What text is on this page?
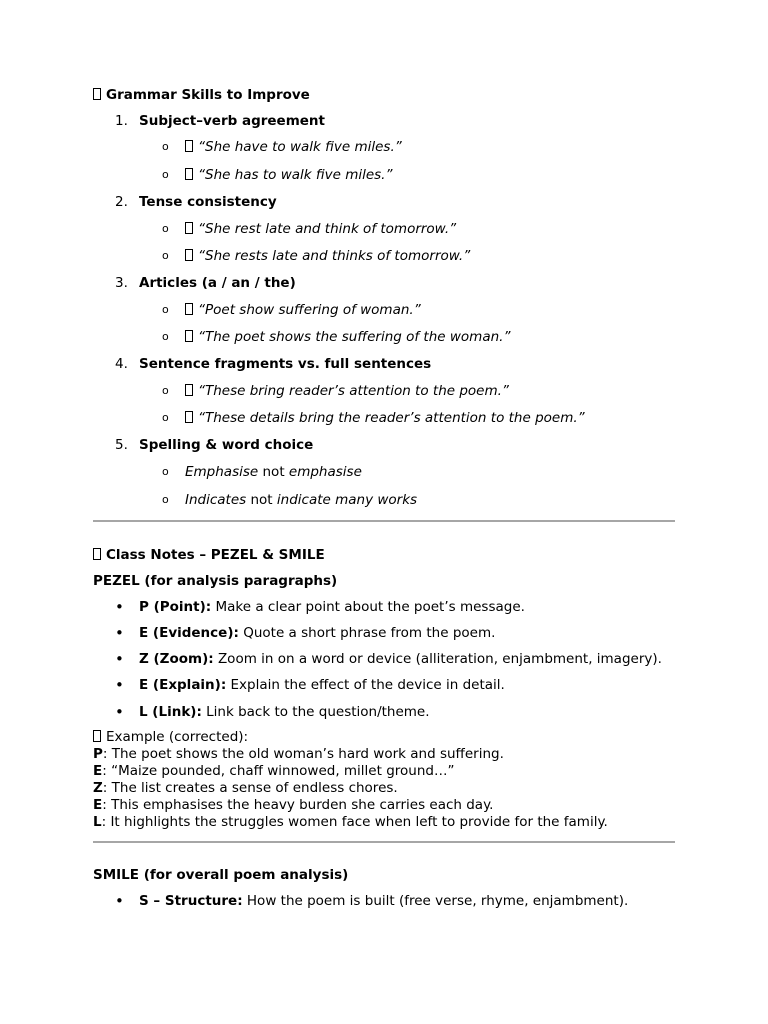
Grammar Skills to Improve

1. Subject–verb agreement
o “She have to walk five miles.”
o “She has to walk five miles.”
2. Tense consistency
o “She rest late and think of tomorrow.”
o “She rests late and thinks of tomorrow.”
3. Articles (a / an / the)
o “Poet show suffering of woman.”
o “The poet shows the suffering of the woman.”
4. Sentence fragments vs. full sentences
o “These bring reader’s attention to the poem.”
o “These details bring the reader’s attention to the poem.”
5. Spelling & word choice
o Emphasise not emphasise
o Indicates not indicate many works

Class Notes – PEZEL & SMILE

PEZEL (for analysis paragraphs)

• P (Point): Make a clear point about the poet’s message.
• E (Evidence): Quote a short phrase from the poem.
• Z (Zoom): Zoom in on a word or device (alliteration, enjambment, imagery).
• E (Explain): Explain the effect of the device in detail.
• L (Link): Link back to the question/theme.
Example (corrected):
P: The poet shows the old woman’s hard work and suffering.
E: “Maize pounded, chaff winnowed, millet ground…”
Z: The list creates a sense of endless chores.
E: This emphasises the heavy burden she carries each day.
L: It highlights the struggles women face when left to provide for the family.

SMILE (for overall poem analysis)

• S – Structure: How the poem is built (free verse, rhyme, enjambment).
